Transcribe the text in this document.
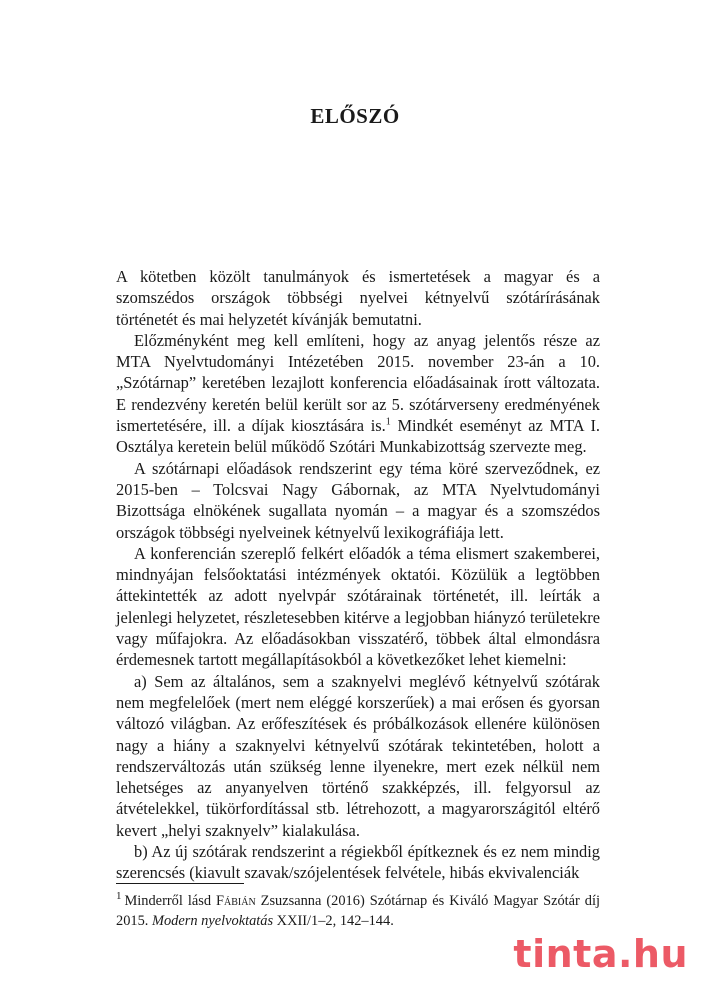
ELŐSZÓ

A kötetben közölt tanulmányok és ismertetések a magyar és a szomszédos országok többségi nyelvei kétnyelvű szótárírásának történetét és mai helyzetét kívánják bemutatni.

Előzményként meg kell említeni, hogy az anyag jelentős része az MTA Nyelvtudományi Intézetében 2015. november 23-án a 10. „Szótárnap” keretében lezajlott konferencia előadásainak írott változata. E rendezvény keretén belül került sor az 5. szótárverseny eredményének ismertetésére, ill. a díjak kiosztására is.$^1$ Mindkét eseményt az MTA I. Osztálya keretein belül működő Szótári Munkabizottság szervezte meg.

A szótárnapi előadások rendszerint egy téma köré szerveződnek, ez 2015-ben – Tolcsvai Nagy Gábornak, az MTA Nyelvtudományi Bizottsága elnökének sugallata nyomán – a magyar és a szomszédos országok többségi nyelveinek kétnyelvű lexikográfiája lett.

A konferencián szereplő felkért előadók a téma elismert szakemberei, mindnyájan felsőoktatási intézmények oktatói. Közülük a legtöbben áttekintették az adott nyelvpár szótárainak történetét, ill. leírták a jelenlegi helyzetet, részletesebben kitérve a legjobban hiányzó területekre vagy műfajokra. Az előadásokban visszatérő, többek által elmondásra érdemesnek tartott megállapításokból a következőket lehet kiemelni:

a) Sem az általános, sem a szaknyelvi meglévő kétnyelvű szótárak nem megfelelőek (mert nem eléggé korszerűek) a mai erősen és gyorsan változó világban. Az erőfeszítések és próbálkozások ellenére különösen nagy a hiány a szaknyelvi kétnyelvű szótárak tekintetében, holott a rendszerváltozás után szükség lenne ilyenekre, mert ezek nélkül nem lehetséges az anyanyelven történő szakképzés, ill. felgyorsul az átvételekkel, tükörfordítással stb. létrehozott, a magyarországitól eltérő kevert „helyi szaknyelv” kialakulása.

b) Az új szótárak rendszerint a régiekből építkeznek és ez nem mindig szerencsés (kiavult szavak/szójelentések felvétele, hibás ekvivalenciák

$^1$ Minderről lásd Fábián Zsuzsanna (2016) Szótárnap és Kiváló Magyar Szótár díj 2015. Modern nyelvoktatás XXII/1–2, 142–144.

tinta.hu
